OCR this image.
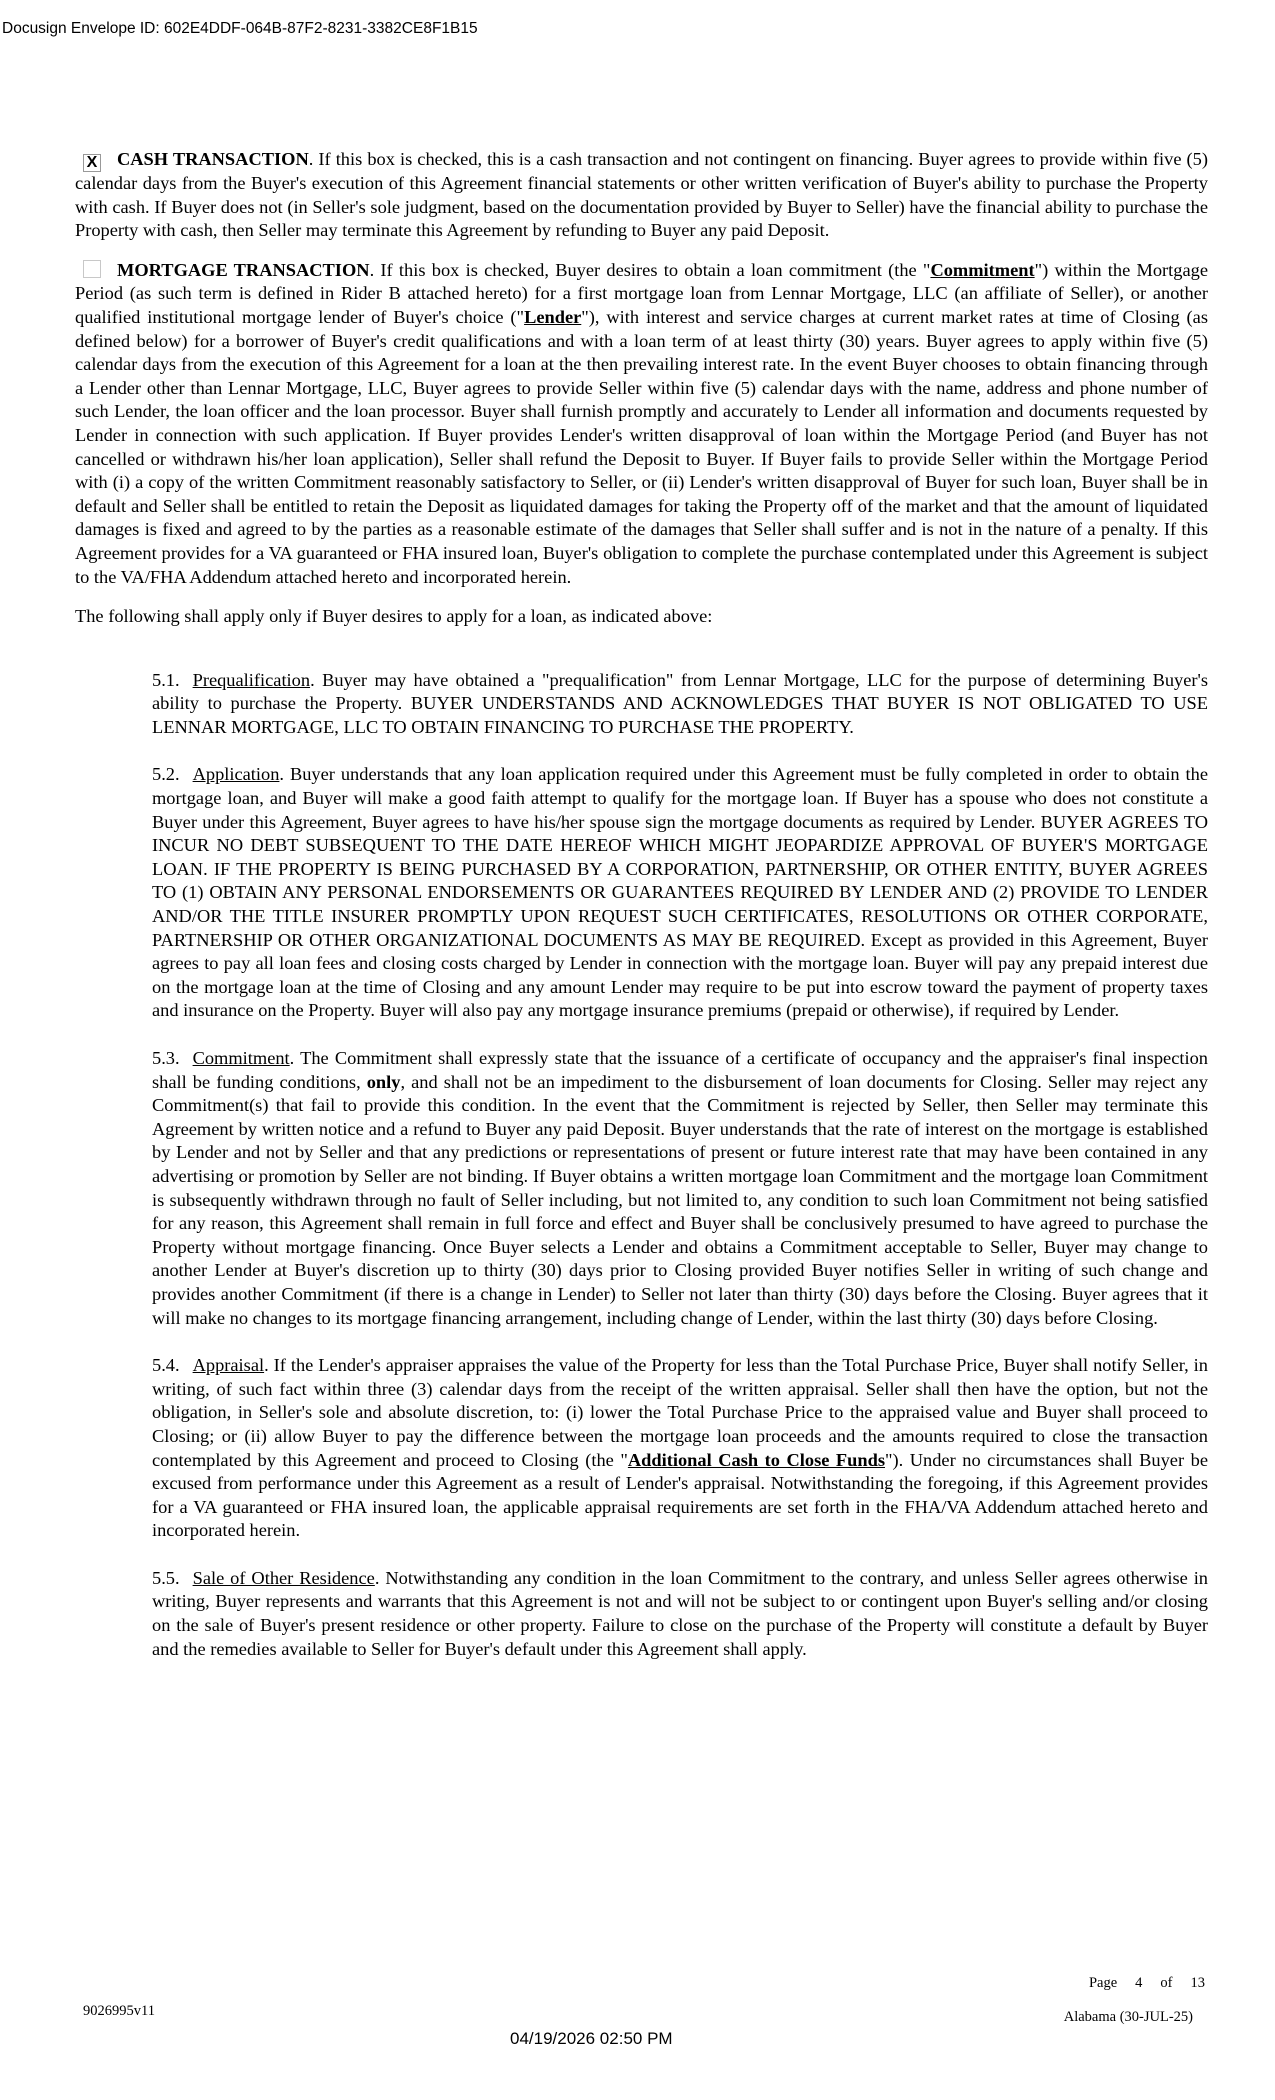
Docusign Envelope ID: 602E4DDF-064B-87F2-8231-3382CE8F1B15

X CASH TRANSACTION. If this box is checked, this is a cash transaction and not contingent on financing. Buyer agrees to provide within five (5) calendar days from the Buyer's execution of this Agreement financial statements or other written verification of Buyer's ability to purchase the Property with cash. If Buyer does not (in Seller's sole judgment, based on the documentation provided by Buyer to Seller) have the financial ability to purchase the Property with cash, then Seller may terminate this Agreement by refunding to Buyer any paid Deposit.

MORTGAGE TRANSACTION. If this box is checked, Buyer desires to obtain a loan commitment (the "Commitment") within the Mortgage Period (as such term is defined in Rider B attached hereto) for a first mortgage loan from Lennar Mortgage, LLC (an affiliate of Seller), or another qualified institutional mortgage lender of Buyer's choice ("Lender"), with interest and service charges at current market rates at time of Closing (as defined below) for a borrower of Buyer's credit qualifications and with a loan term of at least thirty (30) years. Buyer agrees to apply within five (5) calendar days from the execution of this Agreement for a loan at the then prevailing interest rate. In the event Buyer chooses to obtain financing through a Lender other than Lennar Mortgage, LLC, Buyer agrees to provide Seller within five (5) calendar days with the name, address and phone number of such Lender, the loan officer and the loan processor. Buyer shall furnish promptly and accurately to Lender all information and documents requested by Lender in connection with such application. If Buyer provides Lender's written disapproval of loan within the Mortgage Period (and Buyer has not cancelled or withdrawn his/her loan application), Seller shall refund the Deposit to Buyer. If Buyer fails to provide Seller within the Mortgage Period with (i) a copy of the written Commitment reasonably satisfactory to Seller, or (ii) Lender's written disapproval of Buyer for such loan, Buyer shall be in default and Seller shall be entitled to retain the Deposit as liquidated damages for taking the Property off of the market and that the amount of liquidated damages is fixed and agreed to by the parties as a reasonable estimate of the damages that Seller shall suffer and is not in the nature of a penalty. If this Agreement provides for a VA guaranteed or FHA insured loan, Buyer's obligation to complete the purchase contemplated under this Agreement is subject to the VA/FHA Addendum attached hereto and incorporated herein.

The following shall apply only if Buyer desires to apply for a loan, as indicated above:

5.1. Prequalification. Buyer may have obtained a "prequalification" from Lennar Mortgage, LLC for the purpose of determining Buyer's ability to purchase the Property. BUYER UNDERSTANDS AND ACKNOWLEDGES THAT BUYER IS NOT OBLIGATED TO USE LENNAR MORTGAGE, LLC TO OBTAIN FINANCING TO PURCHASE THE PROPERTY.

5.2. Application. Buyer understands that any loan application required under this Agreement must be fully completed in order to obtain the mortgage loan, and Buyer will make a good faith attempt to qualify for the mortgage loan. If Buyer has a spouse who does not constitute a Buyer under this Agreement, Buyer agrees to have his/her spouse sign the mortgage documents as required by Lender. BUYER AGREES TO INCUR NO DEBT SUBSEQUENT TO THE DATE HEREOF WHICH MIGHT JEOPARDIZE APPROVAL OF BUYER'S MORTGAGE LOAN. IF THE PROPERTY IS BEING PURCHASED BY A CORPORATION, PARTNERSHIP, OR OTHER ENTITY, BUYER AGREES TO (1) OBTAIN ANY PERSONAL ENDORSEMENTS OR GUARANTEES REQUIRED BY LENDER AND (2) PROVIDE TO LENDER AND/OR THE TITLE INSURER PROMPTLY UPON REQUEST SUCH CERTIFICATES, RESOLUTIONS OR OTHER CORPORATE, PARTNERSHIP OR OTHER ORGANIZATIONAL DOCUMENTS AS MAY BE REQUIRED. Except as provided in this Agreement, Buyer agrees to pay all loan fees and closing costs charged by Lender in connection with the mortgage loan. Buyer will pay any prepaid interest due on the mortgage loan at the time of Closing and any amount Lender may require to be put into escrow toward the payment of property taxes and insurance on the Property. Buyer will also pay any mortgage insurance premiums (prepaid or otherwise), if required by Lender.

5.3. Commitment. The Commitment shall expressly state that the issuance of a certificate of occupancy and the appraiser's final inspection shall be funding conditions, only, and shall not be an impediment to the disbursement of loan documents for Closing. Seller may reject any Commitment(s) that fail to provide this condition. In the event that the Commitment is rejected by Seller, then Seller may terminate this Agreement by written notice and a refund to Buyer any paid Deposit. Buyer understands that the rate of interest on the mortgage is established by Lender and not by Seller and that any predictions or representations of present or future interest rate that may have been contained in any advertising or promotion by Seller are not binding. If Buyer obtains a written mortgage loan Commitment and the mortgage loan Commitment is subsequently withdrawn through no fault of Seller including, but not limited to, any condition to such loan Commitment not being satisfied for any reason, this Agreement shall remain in full force and effect and Buyer shall be conclusively presumed to have agreed to purchase the Property without mortgage financing. Once Buyer selects a Lender and obtains a Commitment acceptable to Seller, Buyer may change to another Lender at Buyer's discretion up to thirty (30) days prior to Closing provided Buyer notifies Seller in writing of such change and provides another Commitment (if there is a change in Lender) to Seller not later than thirty (30) days before the Closing. Buyer agrees that it will make no changes to its mortgage financing arrangement, including change of Lender, within the last thirty (30) days before Closing.

5.4. Appraisal. If the Lender's appraiser appraises the value of the Property for less than the Total Purchase Price, Buyer shall notify Seller, in writing, of such fact within three (3) calendar days from the receipt of the written appraisal. Seller shall then have the option, but not the obligation, in Seller's sole and absolute discretion, to: (i) lower the Total Purchase Price to the appraised value and Buyer shall proceed to Closing; or (ii) allow Buyer to pay the difference between the mortgage loan proceeds and the amounts required to close the transaction contemplated by this Agreement and proceed to Closing (the "Additional Cash to Close Funds"). Under no circumstances shall Buyer be excused from performance under this Agreement as a result of Lender's appraisal. Notwithstanding the foregoing, if this Agreement provides for a VA guaranteed or FHA insured loan, the applicable appraisal requirements are set forth in the FHA/VA Addendum attached hereto and incorporated herein.

5.5. Sale of Other Residence. Notwithstanding any condition in the loan Commitment to the contrary, and unless Seller agrees otherwise in writing, Buyer represents and warrants that this Agreement is not and will not be subject to or contingent upon Buyer's selling and/or closing on the sale of Buyer's present residence or other property. Failure to close on the purchase of the Property will constitute a default by Buyer and the remedies available to Seller for Buyer's default under this Agreement shall apply.

Page 4 of 13
9026995v11	Alabama (30-JUL-25)
04/19/2026 02:50 PM
